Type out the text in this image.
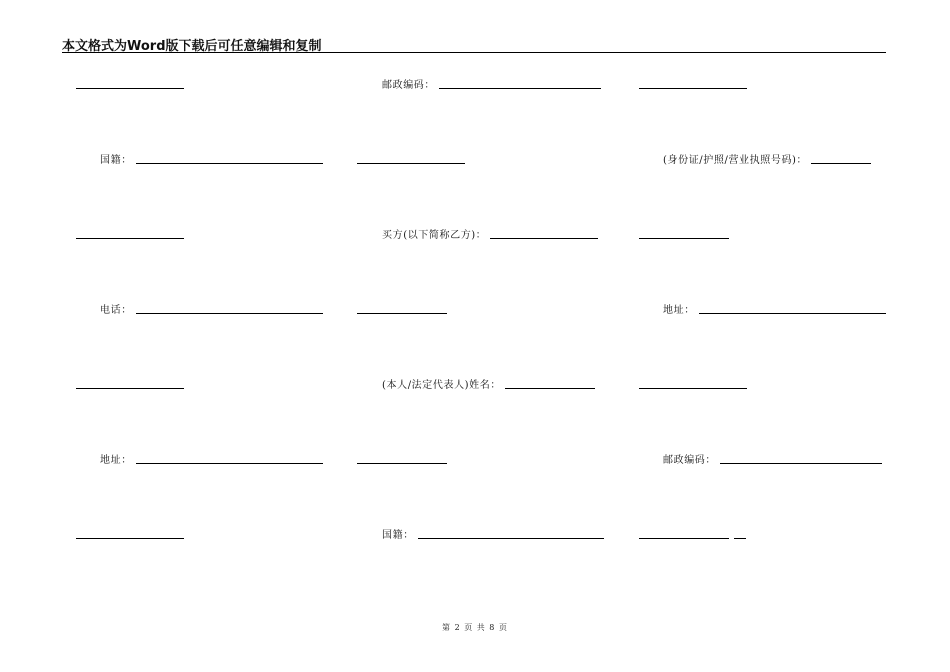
本文格式为Word版下载后可任意编辑和复制
邮政编码：
国籍：	(身份证/护照/营业执照号码)：
买方(以下简称乙方)：
电话：	地址：
(本人/法定代表人)姓名：
地址：	邮政编码：
国籍：
第 2 页 共 8 页
